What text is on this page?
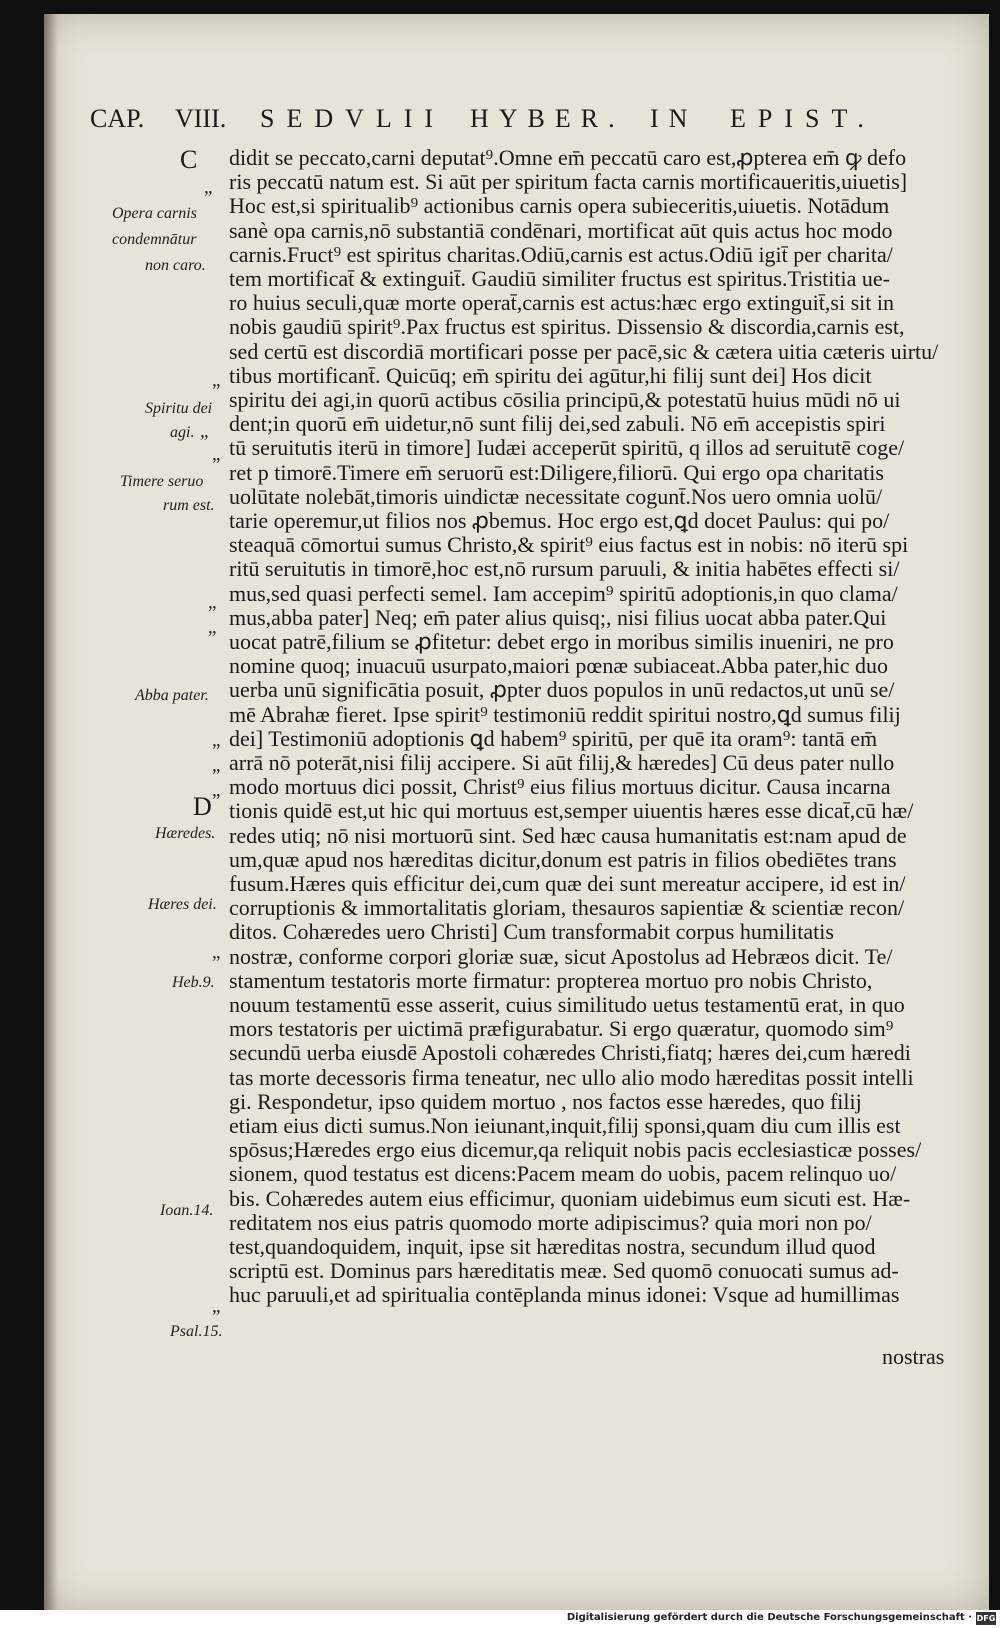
CAP. VIII. SEDVLII HYBER. IN EPIST.
didit se peccato,carni deputat⁹.Omne em̄ peccatū caro est,ꝓpterea em̄ ꝙ defo
ris peccatū natum est. Si aūt per spiritum facta carnis mortificaueritis,uiuetis]
Hoc est,si spiritualib⁹ actionibus carnis opera subieceritis,uiuetis. Notādum
sanè opa carnis,nō substantiā condēnari, mortificat aūt quis actus hoc modo
carnis.Fruct⁹ est spiritus charitas.Odiū,carnis est actus.Odiū igit̄ per charita/
tem mortificat̄ & extinguit̄. Gaudiū similiter fructus est spiritus.Tristitia ue-
ro huius seculi,quæ morte operat̄,carnis est actus:hæc ergo extinguit̄,si sit in
nobis gaudiū spirit⁹.Pax fructus est spiritus. Dissensio & discordia,carnis est,
sed certū est discordiā mortificari posse per pacē,sic & cætera uitia cæteris uirtu/
tibus mortificant̄. Quicūq; em̄ spiritu dei agūtur,hi filij sunt dei] Hos dicit
spiritu dei agi,in quorū actibus cōsilia principū,& potestatū huius mūdi nō ui
dent;in quorū em̄ uidetur,nō sunt filij dei,sed zabuli. Nō em̄ accepistis spiri
tū seruitutis iterū in timore] Iudæi acceperūt spiritū, q illos ad seruitutē coge/
ret p timorē.Timere em̄ seruorū est:Diligere,filiorū. Qui ergo opa charitatis
uolūtate nolebāt,timoris uindictæ necessitate cogunt̄.Nos uero omnia uolū/
tarie operemur,ut filios nos ꝓbemus. Hoc ergo est,ꝗd docet Paulus: qui po/
steaquā cōmortui sumus Christo,& spirit⁹ eius factus est in nobis: nō iterū spi
ritū seruitutis in timorē,hoc est,nō rursum paruuli, & initia habētes effecti si/
mus,sed quasi perfecti semel. Iam accepim⁹ spiritū adoptionis,in quo clama/
mus,abba pater] Neq; em̄ pater alius quisq;, nisi filius uocat abba pater.Qui
uocat patrē,filium se ꝓfitetur: debet ergo in moribus similis inueniri, ne pro
nomine quoq; inuacuū usurpato,maiori pœnæ subiaceat.Abba pater,hic duo
uerba unū significātia posuit, ꝓpter duos populos in unū redactos,ut unū se/
mē Abrahæ fieret. Ipse spirit⁹ testimoniū reddit spiritui nostro,ꝗd sumus filij
dei] Testimoniū adoptionis ꝗd habem⁹ spiritū, per quē ita oram⁹: tantā em̄
arrā nō poterāt,nisi filij accipere. Si aūt filij,& hæredes] Cū deus pater nullo
modo mortuus dici possit, Christ⁹ eius filius mortuus dicitur. Causa incarna
tionis quidē est,ut hic qui mortuus est,semper uiuentis hæres esse dicat̄,cū hæ/
redes utiq; nō nisi mortuorū sint. Sed hæc causa humanitatis est:nam apud de
um,quæ apud nos hæreditas dicitur,donum est patris in filios obediētes trans
fusum.Hæres quis efficitur dei,cum quæ dei sunt mereatur accipere, id est in/
corruptionis & immortalitatis gloriam, thesauros sapientiæ & scientiæ recon/
ditos. Cohæredes uero Christi] Cum transformabit corpus humilitatis
nostræ, conforme corpori gloriæ suæ, sicut Apostolus ad Hebræos dicit. Te/
stamentum testatoris morte firmatur: propterea mortuo pro nobis Christo,
nouum testamentū esse asserit, cuius similitudo uetus testamentū erat, in quo
mors testatoris per uictimā præfigurabatur. Si ergo quæratur, quomodo sim⁹
secundū uerba eiusdē Apostoli cohæredes Christi,fiatq; hæres dei,cum hæredi
tas morte decessoris firma teneatur, nec ullo alio modo hæreditas possit intelli
gi. Respondetur, ipso quidem mortuo , nos factos esse hæredes, quo filij
etiam eius dicti sumus.Non ieiunant,inquit,filij sponsi,quam diu cum illis est
spōsus;Hæredes ergo eius dicemur,qa reliquit nobis pacis ecclesiasticæ posses/
sionem, quod testatus est dicens:Pacem meam do uobis, pacem relinquo uo/
bis. Cohæredes autem eius efficimur, quoniam uidebimus eum sicuti est. Hæ-
reditatem nos eius patris quomodo morte adipiscimus? quia mori non po/
test,quandoquidem, inquit, ipse sit hæreditas nostra, secundum illud quod
scriptū est. Dominus pars hæreditatis meæ. Sed quomō conuocati sumus ad-
huc paruuli,et ad spiritualia contēplanda minus idonei: Vsque ad humillimas
C
D
Opera carnis
condemnātur
non caro.
Spiritu dei
agi.
Timere seruo
rum est.
Abba pater.
Hæredes.
Hæres dei.
Heb.9.
Ioan.14.
Psal.15.
„
„
„
„
„
„
„
„
„
„
„
nostras
Digitalisierung gefördert durch die Deutsche Forschungsgemeinschaft · DFG
